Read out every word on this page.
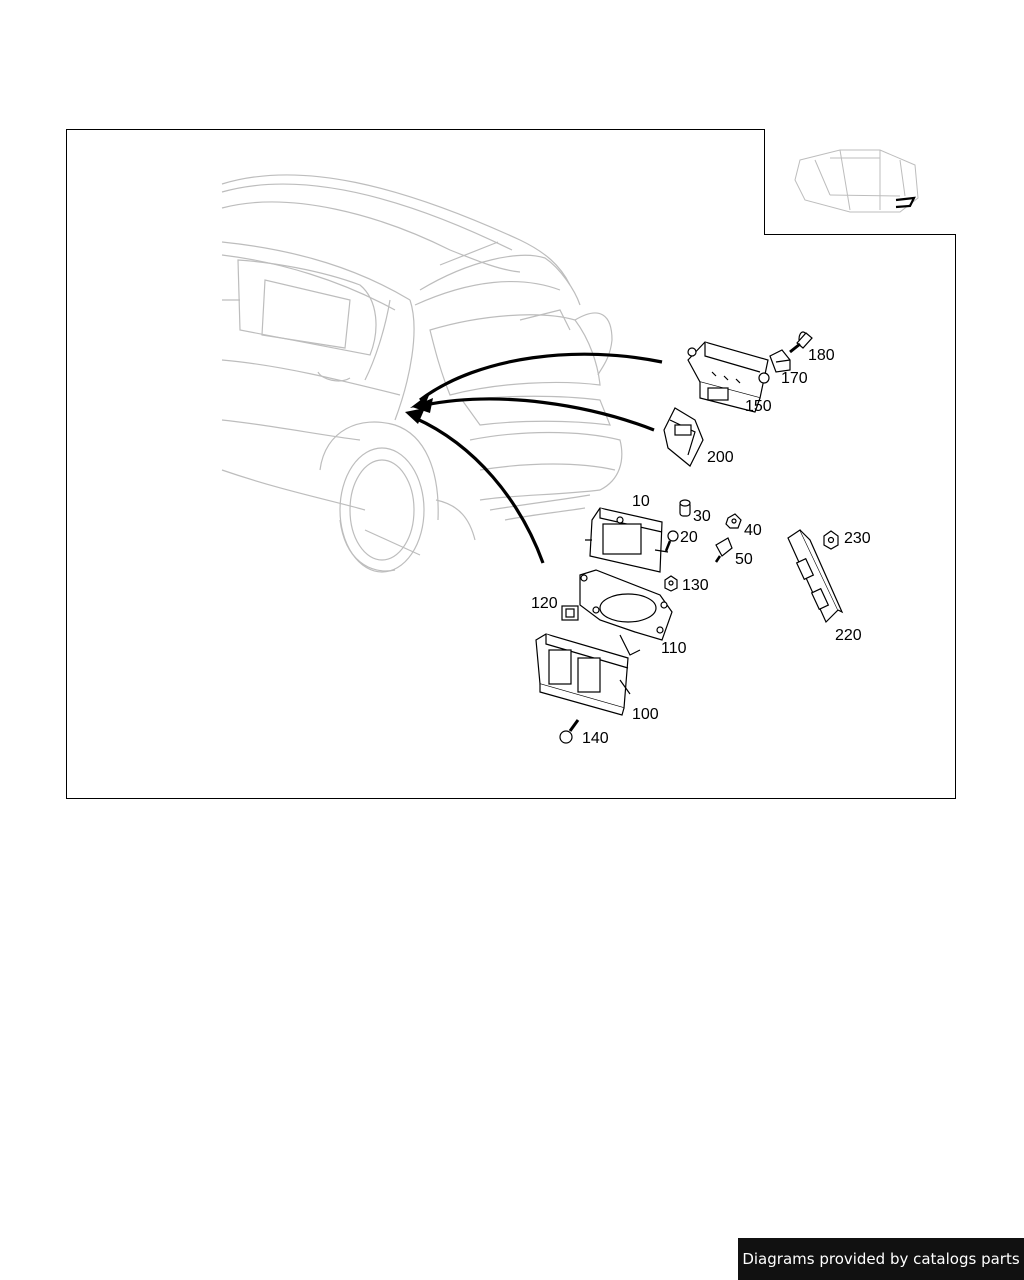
180
170
150
200
10
30
20	40
50
230
130
120
220
110
100
140
Diagrams provided by catalogs parts
